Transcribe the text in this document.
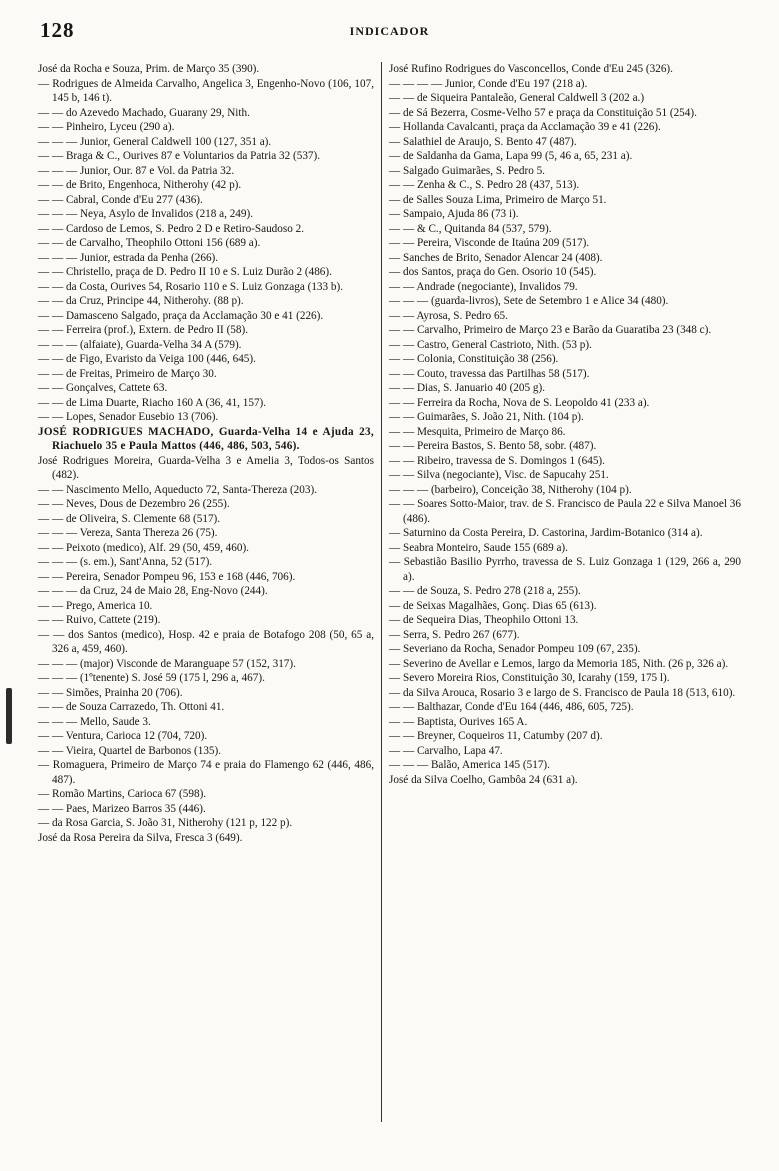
128	INDICADOR
José da Rocha e Souza, Prim. de Março 35 (390).
— Rodrigues de Almeida Carvalho, Angelica 3, Engenho-Novo (106, 107, 145 b, 146 t).
— — do Azevedo Machado, Guarany 29, Nith.
— — Pinheiro, Lyceu (290 a).
— — — Junior, General Caldwell 100 (127, 351 a).
— — Braga & C., Ourives 87 e Voluntarios da Patria 32 (537).
— — — Junior, Our. 87 e Vol. da Patria 32.
— — de Brito, Engenhoca, Nitherohy (42 p).
— — Cabral, Conde d'Eu 277 (436).
— — — Neya, Asylo de Invalidos (218 a, 249).
— — Cardoso de Lemos, S. Pedro 2 D e Retiro-Saudoso 2.
— — de Carvalho, Theophilo Ottoni 156 (689 a).
— — — Junior, estrada da Penha (266).
— — Christello, praça de D. Pedro II 10 e S. Luiz Durão 2 (486).
— — da Costa, Ourives 54, Rosario 110 e S. Luiz Gonzaga (133 b).
— — da Cruz, Principe 44, Nitherohy. (88 p).
— — Damasceno Salgado, praça da Acclamação 30 e 41 (226).
— — Ferreira (prof.), Extern. de Pedro II (58).
— — — (alfaiate), Guarda-Velha 34 A (579).
— — de Figo, Evaristo da Veiga 100 (446, 645).
— — de Freitas, Primeiro de Março 30.
— — Gonçalves, Cattete 63.
— — de Lima Duarte, Riacho 160 A (36, 41, 157).
— — Lopes, Senador Eusebio 13 (706).
JOSÉ RODRIGUES MACHADO, Guarda-Velha 14 e Ajuda 23, Riachuelo 35 e Paula Mattos (446, 486, 503, 546).
José Rodrigues Moreira, Guarda-Velha 3 e Amelia 3, Todos-os Santos (482).
— — Nascimento Mello, Aqueducto 72, Santa-Thereza (203).
— — Neves, Dous de Dezembro 26 (255).
— — de Oliveira, S. Clemente 68 (517).
— — — Vereza, Santa Thereza 26 (75).
— — Peixoto (medico), Alf. 29 (50, 459, 460).
— — — (s. em.), Sant'Anna, 52 (517).
— — Pereira, Senador Pompeu 96, 153 e 168 (446, 706).
— — — da Cruz, 24 de Maio 28, Eng-Novo (244).
— — Prego, America 10.
— — Ruivo, Cattete (219).
— — dos Santos (medico), Hosp. 42 e praia de Botafogo 208 (50, 65 a, 326 a, 459, 460).
— — — (major) Visconde de Maranguape 57 (152, 317).
— — — (1ºtenente) S. José 59 (175 l, 296 a, 467).
— — Simões, Prainha 20 (706).
— — de Souza Carrazedo, Th. Ottoni 41.
— — — Mello, Saude 3.
— — Ventura, Carioca 12 (704, 720).
— — Vieira, Quartel de Barbonos (135).
— Romaguera, Primeiro de Março 74 e praia do Flamengo 62 (446, 486, 487).
— Romão Martins, Carioca 67 (598).
— — Paes, Marizeo Barros 35 (446).
— da Rosa Garcia, S. João 31, Nitherohy (121 p, 122 p).
José da Rosa Pereira da Silva, Fresca 3 (649).
José Rufino Rodrigues do Vasconcellos, Conde d'Eu 245 (326).
— — — — Junior, Conde d'Eu 197 (218 a).
— — de Siqueira Pantaleão, General Caldwell 3 (202 a.)
— de Sá Bezerra, Cosme-Velho 57 e praça da Constituição 51 (254).
— Hollanda Cavalcanti, praça da Acclamação 39 e 41 (226).
— Salathiel de Araujo, S. Bento 47 (487).
— de Saldanha da Gama, Lapa 99 (5, 46 a, 65, 231 a).
— Salgado Guimarães, S. Pedro 5.
— — Zenha & C., S. Pedro 28 (437, 513).
— de Salles Souza Lima, Primeiro de Março 51.
— Sampaio, Ajuda 86 (73 i).
— — & C., Quitanda 84 (537, 579).
— — Pereira, Visconde de Itaúna 209 (517).
— Sanches de Brito, Senador Alencar 24 (408).
— dos Santos, praça do Gen. Osorio 10 (545).
— — Andrade (negociante), Invalidos 79.
— — — (guarda-livros), Sete de Setembro 1 e Alice 34 (480).
— — Ayrosa, S. Pedro 65.
— — Carvalho, Primeiro de Março 23 e Barão da Guaratiba 23 (348 c).
— — Castro, General Castrioto, Nith. (53 p).
— — Colonia, Constituição 38 (256).
— — Couto, travessa das Partilhas 58 (517).
— — Dias, S. Januario 40 (205 g).
— — Ferreira da Rocha, Nova de S. Leopoldo 41 (233 a).
— — Guimarães, S. João 21, Nith. (104 p).
— — Mesquita, Primeiro de Março 86.
— — Pereira Bastos, S. Bento 58, sobr. (487).
— — Ribeiro, travessa de S. Domingos 1 (645).
— — Silva (negociante), Visc. de Sapucahy 251.
— — — (barbeiro), Conceição 38, Nitherohy (104 p).
— — Soares Sotto-Maior, trav. de S. Francisco de Paula 22 e Silva Manoel 36 (486).
— Saturnino da Costa Pereira, D. Castorina, Jardim-Botanico (314 a).
— Seabra Monteiro, Saude 155 (689 a).
— Sebastião Basilio Pyrrho, travessa de S. Luiz Gonzaga 1 (129, 266 a, 290 a).
— — de Souza, S. Pedro 278 (218 a, 255).
— de Seixas Magalhães, Gonç. Dias 65 (613).
— de Sequeira Dias, Theophilo Ottoni 13.
— Serra, S. Pedro 267 (677).
— Severiano da Rocha, Senador Pompeu 109 (67, 235).
— Severino de Avellar e Lemos, largo da Memoria 185, Nith. (26 p, 326 a).
— Severo Moreira Rios, Constituição 30, Icarahy (159, 175 l).
— da Silva Arouca, Rosario 3 e largo de S. Francisco de Paula 18 (513, 610).
— — Balthazar, Conde d'Eu 164 (446, 486, 605, 725).
— — Baptista, Ourives 165 A.
— — Breyner, Coqueiros 11, Catumby (207 d).
— — Carvalho, Lapa 47.
— — — Balão, America 145 (517).
José da Silva Coelho, Gambôa 24 (631 a).
